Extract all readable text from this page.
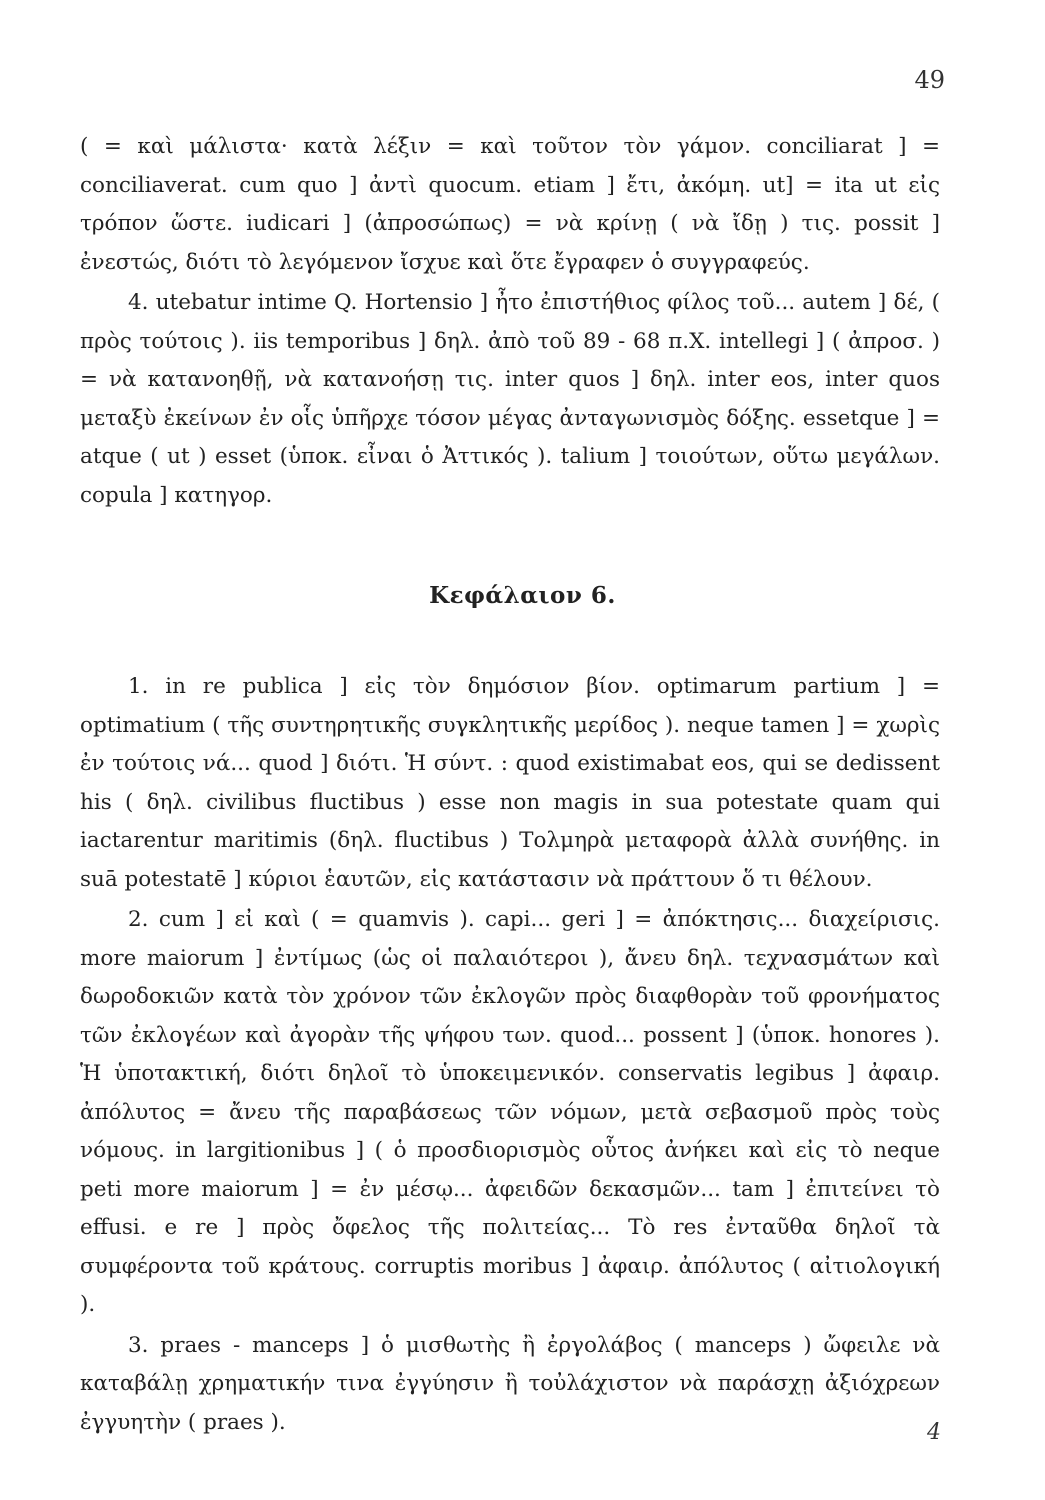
49

( = καὶ μάλιστα· κατὰ λέξιν = καὶ τοῦτον τὸν γάμον. conciliarat ] = conciliaverat. cum quo ] ἀντὶ quocum. etiam ] ἔτι, ἀκόμη. ut] = ita ut εἰς τρόπον ὥστε. iudicari ] (ἀπροσώπως) = νὰ κρίνῃ ( νὰ ἴδῃ ) τις. possit ] ἐνεστώς, διότι τὸ λεγόμενον ἴσχυε καὶ ὅτε ἔγραφεν ὁ συγγραφεύς.

4. utebatur intime Q. Hortensio ] ἦτο ἐπιστήθιος φίλος τοῦ... autem ] δέ, ( πρὸς τούτοις ). iis temporibus ] δηλ. ἀπὸ τοῦ 89 - 68 π.Χ. intellegi ] ( ἀπροσ. ) = νὰ κατανοηθῇ, νὰ κατανοήσῃ τις. inter quos ] δηλ. inter eos, inter quos μεταξὺ ἐκείνων ἐν οἷς ὑπῆρχε τόσον μέγας ἀνταγωνισμὸς δόξης. essetque ] = atque ( ut ) esset (ὑποκ. εἶναι ὁ Ἀττικός ). talium ] τοιούτων, οὕτω μεγάλων. copula ] κατηγορ.

Κεφάλαιον 6.

1. in re publica ] εἰς τὸν δημόσιον βίον. optimarum partium ] = optimatium ( τῆς συντηρητικῆς συγκλητικῆς μερίδος ). neque tamen ] = χωρὶς ἐν τούτοις νά... quod ] διότι. Ἡ σύντ. : quod existimabat eos, qui se dedissent his ( δηλ. civilibus fluctibus ) esse non magis in sua potestate quam qui iactarentur maritimis (δηλ. fluctibus ) Τολμηρὰ μεταφορὰ ἀλλὰ συνήθης. in suā potestatē ] κύριοι ἑαυτῶν, εἰς κατάστασιν νὰ πράττουν ὅ τι θέλουν.

2. cum ] εἰ καὶ ( = quamvis ). capi... geri ] = ἀπόκτησις... διαχείρισις. more maiorum ] ἐντίμως (ὡς οἱ παλαιότεροι ), ἄνευ δηλ. τεχνασμάτων καὶ δωροδοκιῶν κατὰ τὸν χρόνον τῶν ἐκλογῶν πρὸς διαφθορὰν τοῦ φρονήματος τῶν ἐκλογέων καὶ ἀγορὰν τῆς ψήφου των. quod... possent ] (ὑποκ. honores ). Ἡ ὑποτακτική, διότι δηλοῖ τὸ ὑποκειμενικόν. conservatis legibus ] ἀφαιρ. ἀπόλυτος = ἄνευ τῆς παραβάσεως τῶν νόμων, μετὰ σεβασμοῦ πρὸς τοὺς νόμους. in largitionibus ] ( ὁ προσδιορισμὸς οὗτος ἀνήκει καὶ εἰς τὸ neque peti more maiorum ] = ἐν μέσῳ... ἀφειδῶν δεκασμῶν... tam ] ἐπιτείνει τὸ effusi. e re ] πρὸς ὄφελος τῆς πολιτείας... Τὸ res ἐνταῦθα δηλοῖ τὰ συμφέροντα τοῦ κράτους. corruptis moribus ] ἀφαιρ. ἀπόλυτος ( αἰτιολογική ).

3. praes - manceps ] ὁ μισθωτὴς ἢ ἐργολάβος ( manceps ) ὤφειλε νὰ καταβάλῃ χρηματικήν τινα ἐγγύησιν ἢ τοὐλάχιστον νὰ παράσχῃ ἀξιόχρεων ἐγγυητὴν ( praes ).	4
